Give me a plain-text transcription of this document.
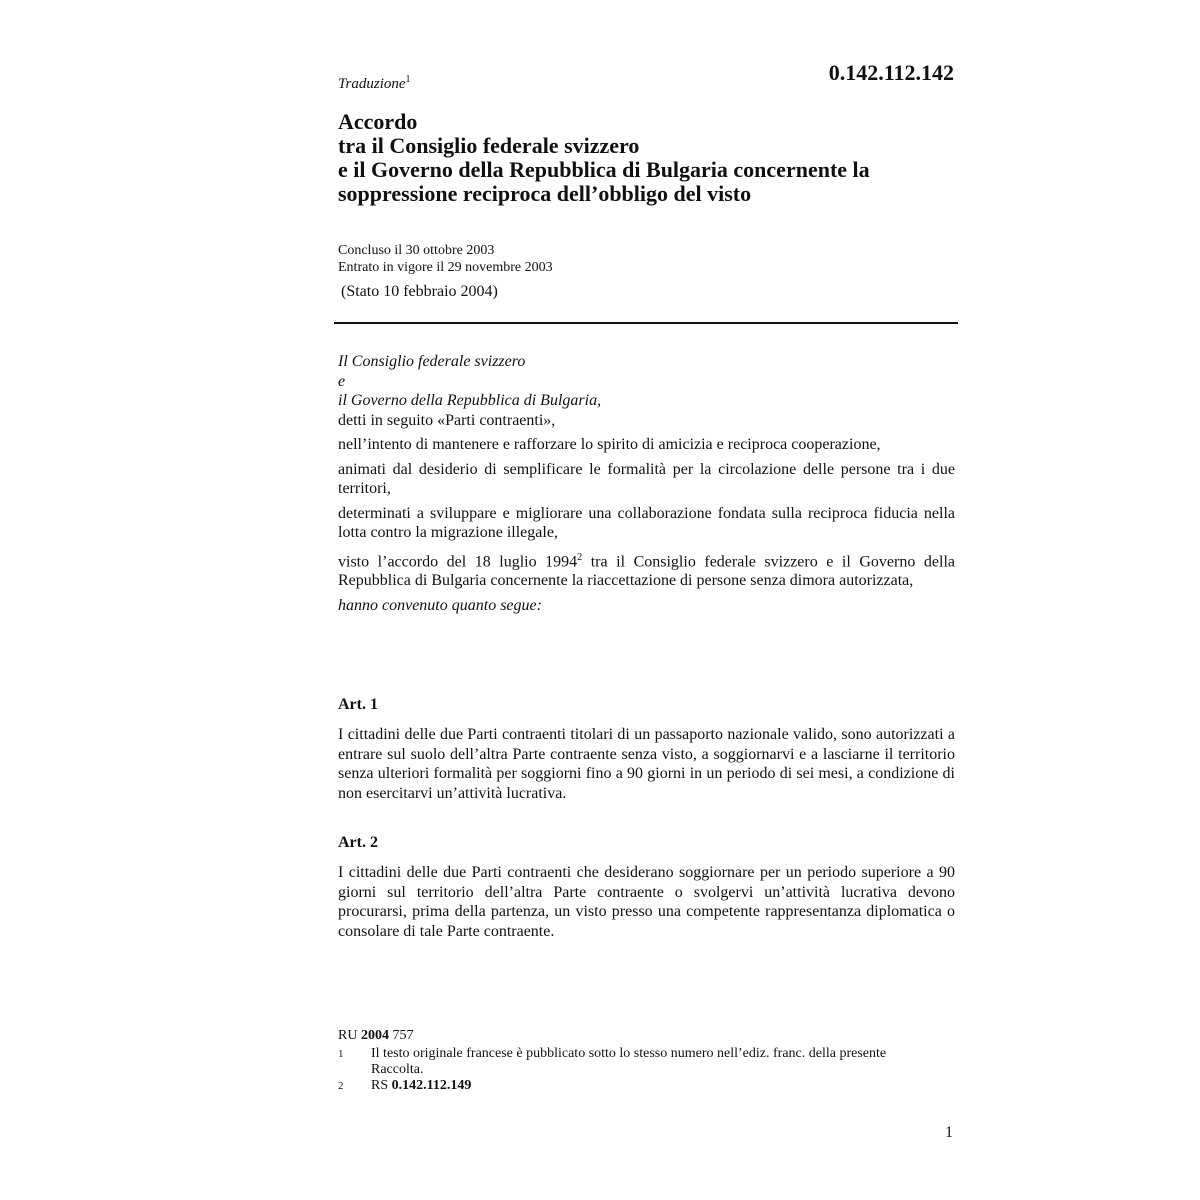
0.142.112.142
Traduzione$^1$
Accordo
tra il Consiglio federale svizzero
e il Governo della Repubblica di Bulgaria concernente la
soppressione reciproca dell’obbligo del visto
Concluso il 30 ottobre 2003
Entrato in vigore il 29 novembre 2003
(Stato 10 febbraio 2004)

Il Consiglio federale svizzero

e

il Governo della Repubblica di Bulgaria,

detti in seguito «Parti contraenti»,

nell’intento di mantenere e rafforzare lo spirito di amicizia e reciproca cooperazione,

animati dal desiderio di semplificare le formalità per la circolazione delle persone tra i due territori,

determinati a sviluppare e migliorare una collaborazione fondata sulla reciproca fiducia nella lotta contro la migrazione illegale,

visto l’accordo del 18 luglio 1994$^2$ tra il Consiglio federale svizzero e il Governo della Repubblica di Bulgaria concernente la riaccettazione di persone senza dimora autorizzata,

hanno convenuto quanto segue:

Art. 1
I cittadini delle due Parti contraenti titolari di un passaporto nazionale valido, sono autorizzati a entrare sul suolo dell’altra Parte contraente senza visto, a soggiornarvi e a lasciarne il territorio senza ulteriori formalità per soggiorni fino a 90 giorni in un periodo di sei mesi, a condizione di non esercitarvi un’attività lucrativa.
Art. 2
I cittadini delle due Parti contraenti che desiderano soggiornare per un periodo superiore a 90 giorni sul territorio dell’altra Parte contraente o svolgervi un’attività lucrativa devono procurarsi, prima della partenza, un visto presso una competente rappresentanza diplomatica o consolare di tale Parte contraente.
RU 2004 757
1	Il testo originale francese è pubblicato sotto lo stesso numero nell’ediz. franc. della presente Raccolta.
2	RS 0.142.112.149
1
